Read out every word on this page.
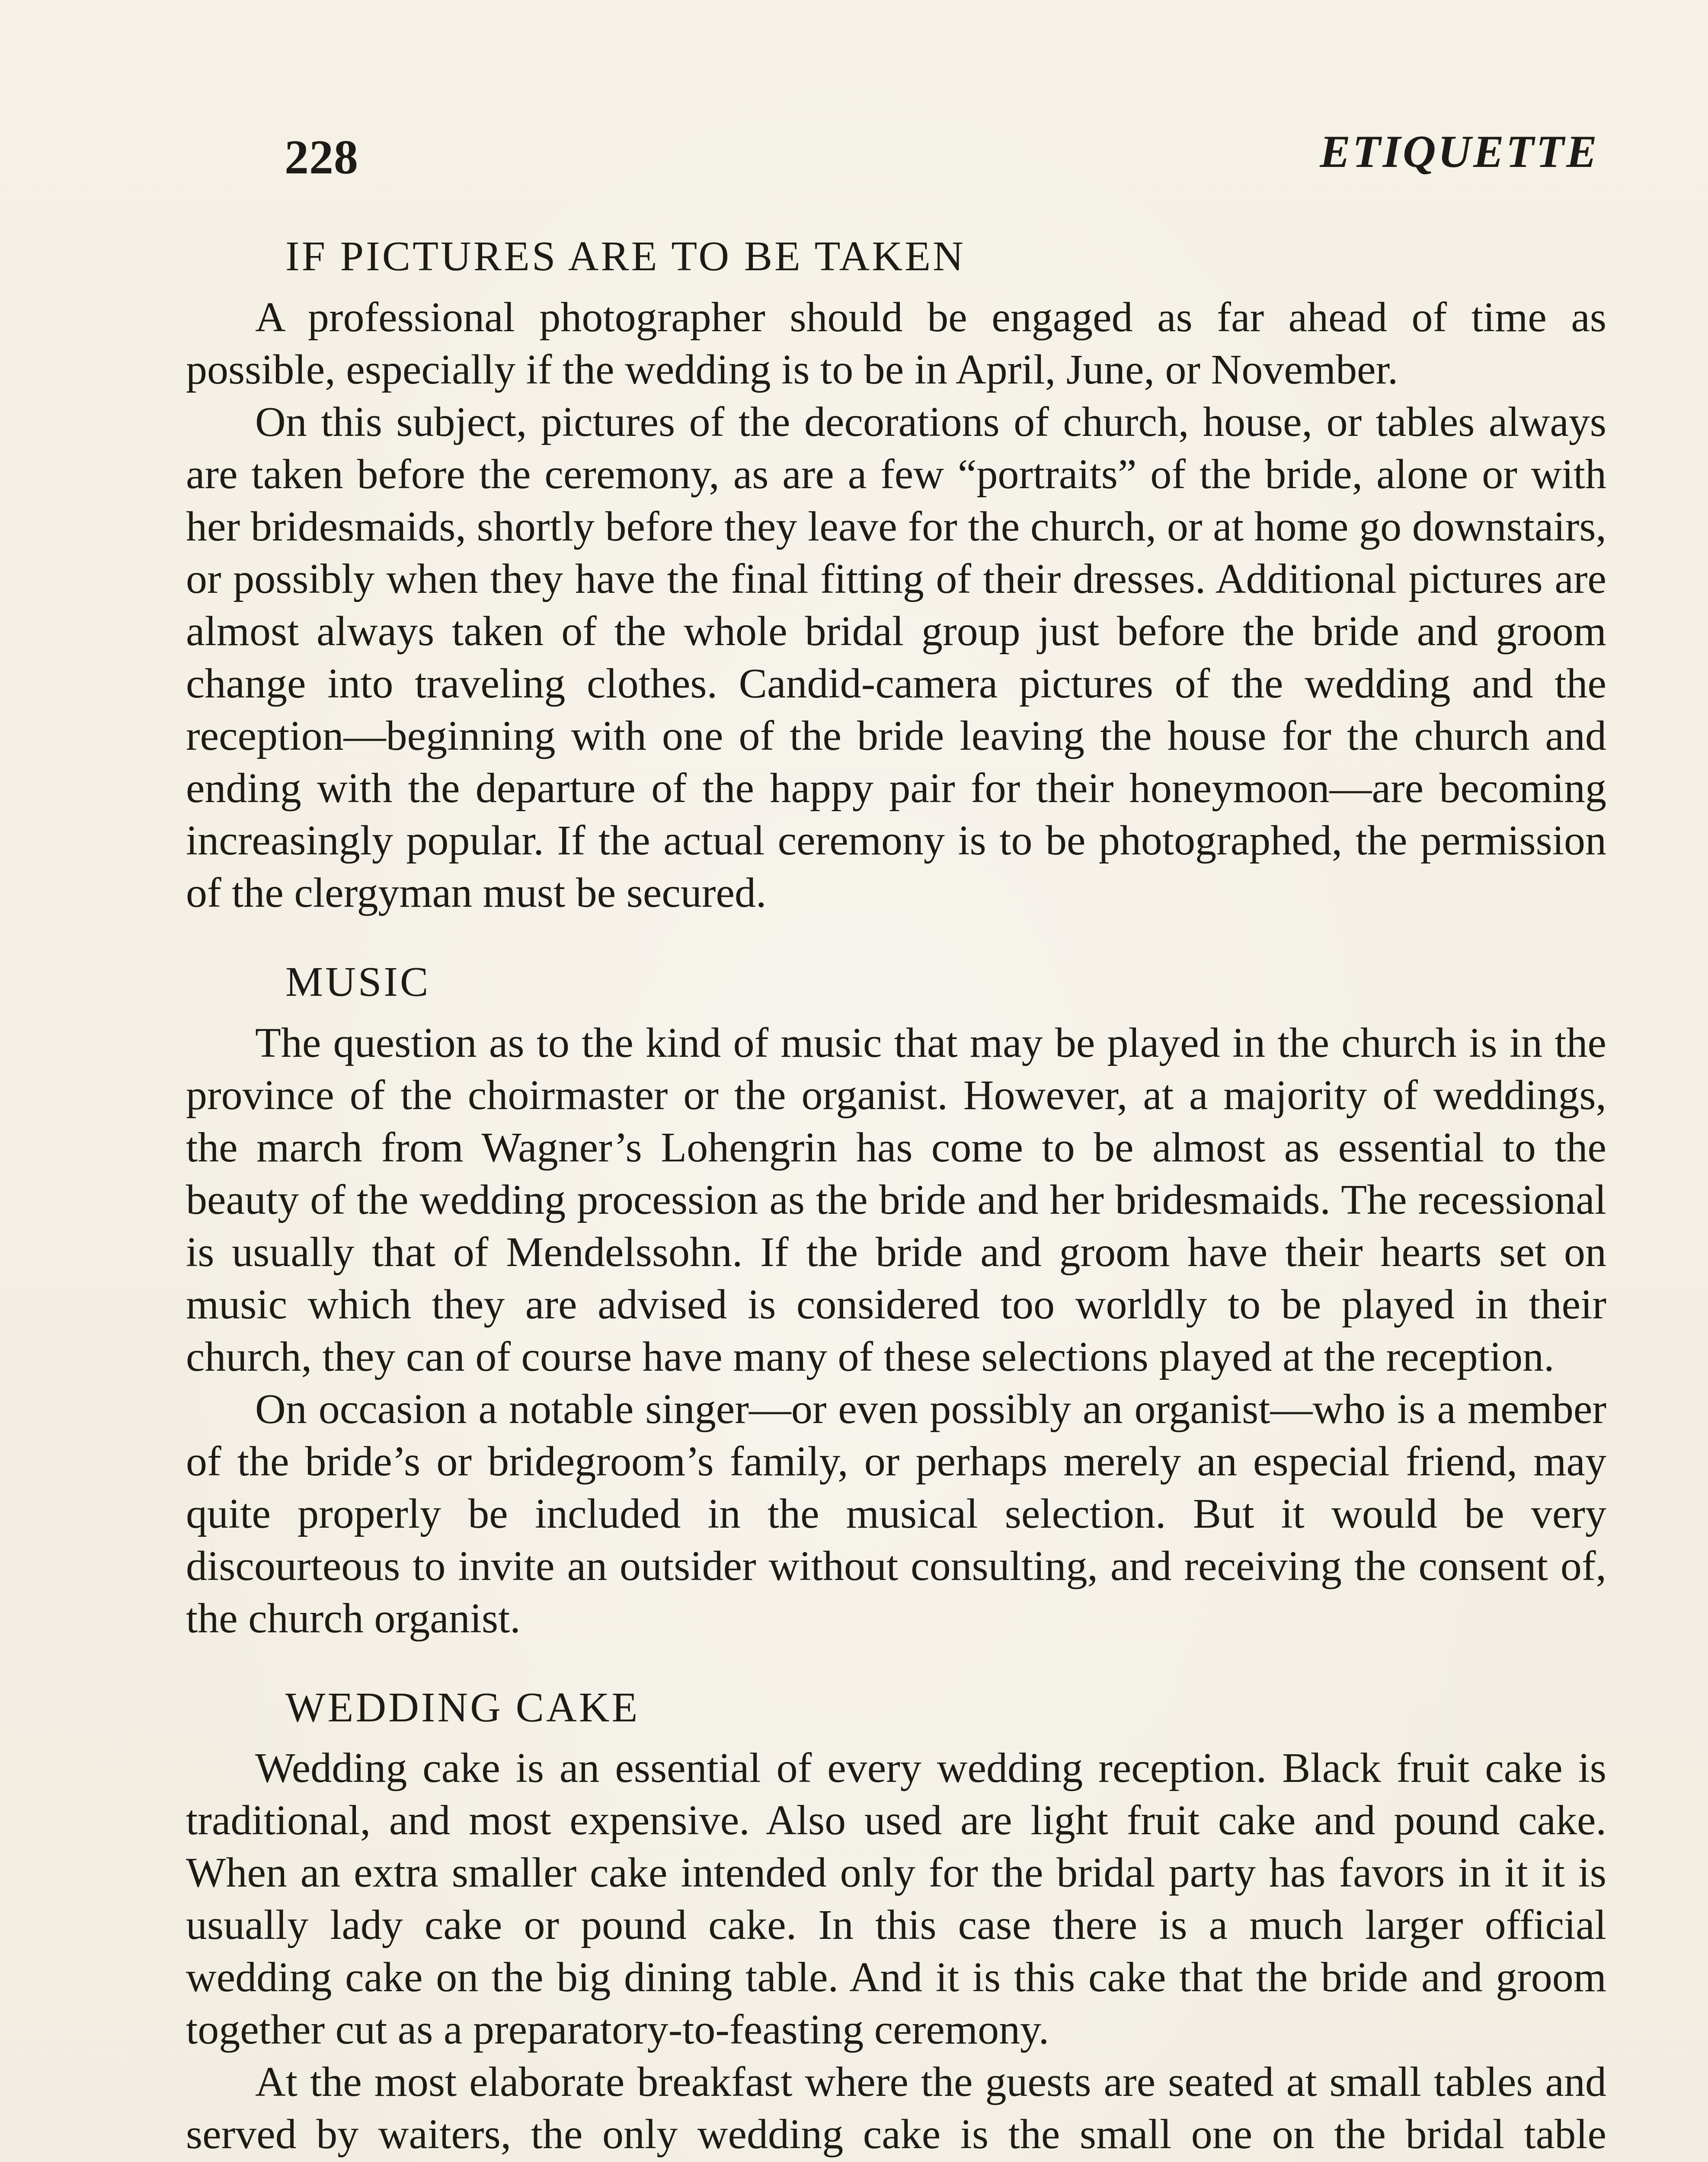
228	ETIQUETTE
IF PICTURES ARE TO BE TAKEN

A professional photographer should be engaged as far ahead of time as possible, especially if the wedding is to be in April, June, or November.

On this subject, pictures of the decorations of church, house, or tables always are taken before the ceremony, as are a few “portraits” of the bride, alone or with her bridesmaids, shortly before they leave for the church, or at home go downstairs, or possibly when they have the final fitting of their dresses. Additional pictures are almost always taken of the whole bridal group just before the bride and groom change into traveling clothes. Candid-camera pictures of the wedding and the reception—beginning with one of the bride leaving the house for the church and ending with the departure of the happy pair for their honeymoon—are becoming increasingly popular. If the actual ceremony is to be photographed, the permission of the clergyman must be secured.

MUSIC

The question as to the kind of music that may be played in the church is in the province of the choirmaster or the organist. However, at a majority of weddings, the march from Wagner’s Lohengrin has come to be almost as essential to the beauty of the wedding procession as the bride and her bridesmaids. The recessional is usually that of Mendelssohn. If the bride and groom have their hearts set on music which they are advised is considered too worldly to be played in their church, they can of course have many of these selections played at the reception.

On occasion a notable singer—or even possibly an organist—who is a member of the bride’s or bridegroom’s family, or perhaps merely an especial friend, may quite properly be included in the musical selection. But it would be very discourteous to invite an outsider without consulting, and receiving the consent of, the church organist.

WEDDING CAKE

Wedding cake is an essential of every wedding reception. Black fruit cake is traditional, and most expensive. Also used are light fruit cake and pound cake. When an extra smaller cake intended only for the bridal party has favors in it it is usually lady cake or pound cake. In this case there is a much larger official wedding cake on the big dining table. And it is this cake that the bride and groom together cut as a preparatory-to-feasting ceremony.

At the most elaborate breakfast where the guests are seated at small tables and served by waiters, the only wedding cake is the small one on the bridal table
